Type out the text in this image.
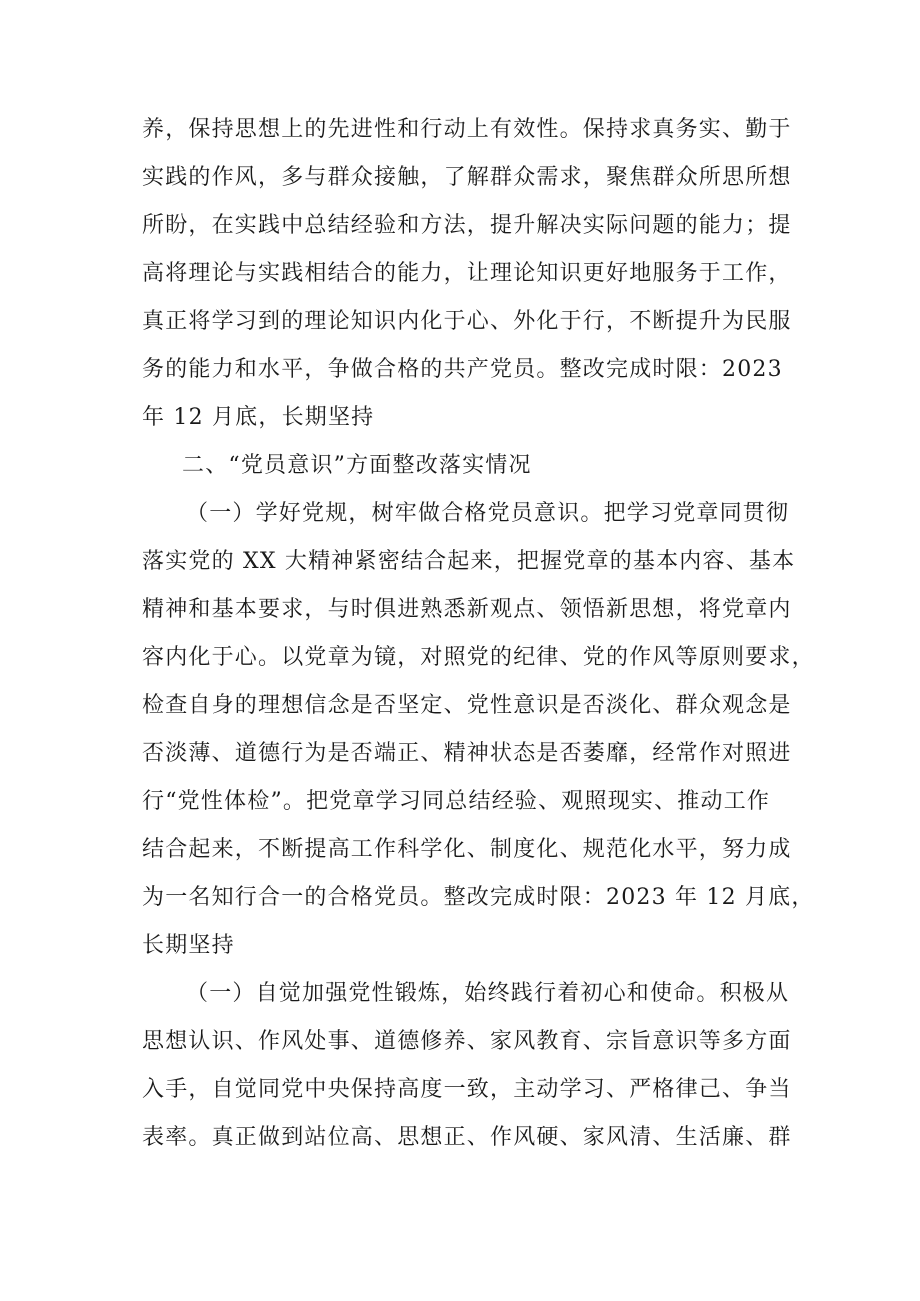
养，保持思想上的先进性和行动上有效性。保持求真务实、勤于
实践的作风，多与群众接触，了解群众需求，聚焦群众所思所想
所盼，在实践中总结经验和方法，提升解决实际问题的能力；提
高将理论与实践相结合的能力，让理论知识更好地服务于工作，
真正将学习到的理论知识内化于心、外化于行，不断提升为民服
务的能力和水平，争做合格的共产党员。整改完成时限：2023
年 12 月底，长期坚持
二、“党员意识”方面整改落实情况
（一）学好党规，树牢做合格党员意识。把学习党章同贯彻
落实党的 XX 大精神紧密结合起来，把握党章的基本内容、基本
精神和基本要求，与时俱进熟悉新观点、领悟新思想，将党章内
容内化于心。以党章为镜，对照党的纪律、党的作风等原则要求，
检查自身的理想信念是否坚定、党性意识是否淡化、群众观念是
否淡薄、道德行为是否端正、精神状态是否萎靡，经常作对照进
行“党性体检”。把党章学习同总结经验、观照现实、推动工作
结合起来，不断提高工作科学化、制度化、规范化水平，努力成
为一名知行合一的合格党员。整改完成时限：2023 年 12 月底，
长期坚持
（一）自觉加强党性锻炼，始终践行着初心和使命。积极从
思想认识、作风处事、道德修养、家风教育、宗旨意识等多方面
入手，自觉同党中央保持高度一致，主动学习、严格律己、争当
表率。真正做到站位高、思想正、作风硬、家风清、生活廉、群
